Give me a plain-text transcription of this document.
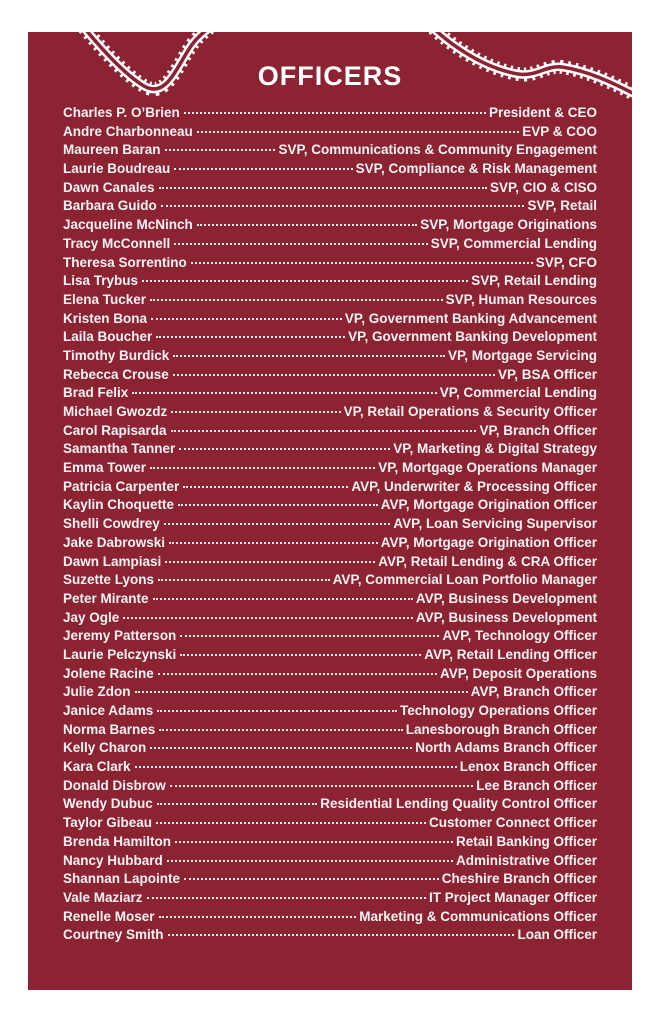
OFFICERS
Charles P. O’Brien	President & CEO
Andre Charbonneau	EVP & COO
Maureen Baran	SVP, Communications & Community Engagement
Laurie Boudreau	SVP, Compliance & Risk Management
Dawn Canales	SVP, CIO & CISO
Barbara Guido	SVP, Retail
Jacqueline McNinch	SVP, Mortgage Originations
Tracy McConnell	SVP, Commercial Lending
Theresa Sorrentino	SVP, CFO
Lisa Trybus	SVP, Retail Lending
Elena Tucker	SVP, Human Resources
Kristen Bona	VP, Government Banking Advancement
Laila Boucher	VP, Government Banking Development
Timothy Burdick	VP, Mortgage Servicing
Rebecca Crouse	VP, BSA Officer
Brad Felix	VP, Commercial Lending
Michael Gwozdz	VP, Retail Operations & Security Officer
Carol Rapisarda	VP, Branch Officer
Samantha Tanner	VP, Marketing & Digital Strategy
Emma Tower	VP, Mortgage Operations Manager
Patricia Carpenter	AVP, Underwriter & Processing Officer
Kaylin Choquette	AVP, Mortgage Origination Officer
Shelli Cowdrey	AVP, Loan Servicing Supervisor
Jake Dabrowski	AVP, Mortgage Origination Officer
Dawn Lampiasi	AVP, Retail Lending & CRA Officer
Suzette Lyons	AVP, Commercial Loan Portfolio Manager
Peter Mirante	AVP, Business Development
Jay Ogle	AVP, Business Development
Jeremy Patterson	AVP, Technology Officer
Laurie Pelczynski	AVP, Retail Lending Officer
Jolene Racine	AVP, Deposit Operations
Julie Zdon	AVP, Branch Officer
Janice Adams	Technology Operations Officer
Norma Barnes	Lanesborough Branch Officer
Kelly Charon	North Adams Branch Officer
Kara Clark	Lenox Branch Officer
Donald Disbrow	Lee Branch Officer
Wendy Dubuc	Residential Lending Quality Control Officer
Taylor Gibeau	Customer Connect Officer
Brenda Hamilton	Retail Banking Officer
Nancy Hubbard	Administrative Officer
Shannan Lapointe	Cheshire Branch Officer
Vale Maziarz	IT Project Manager Officer
Renelle Moser	Marketing & Communications Officer
Courtney Smith	Loan Officer
